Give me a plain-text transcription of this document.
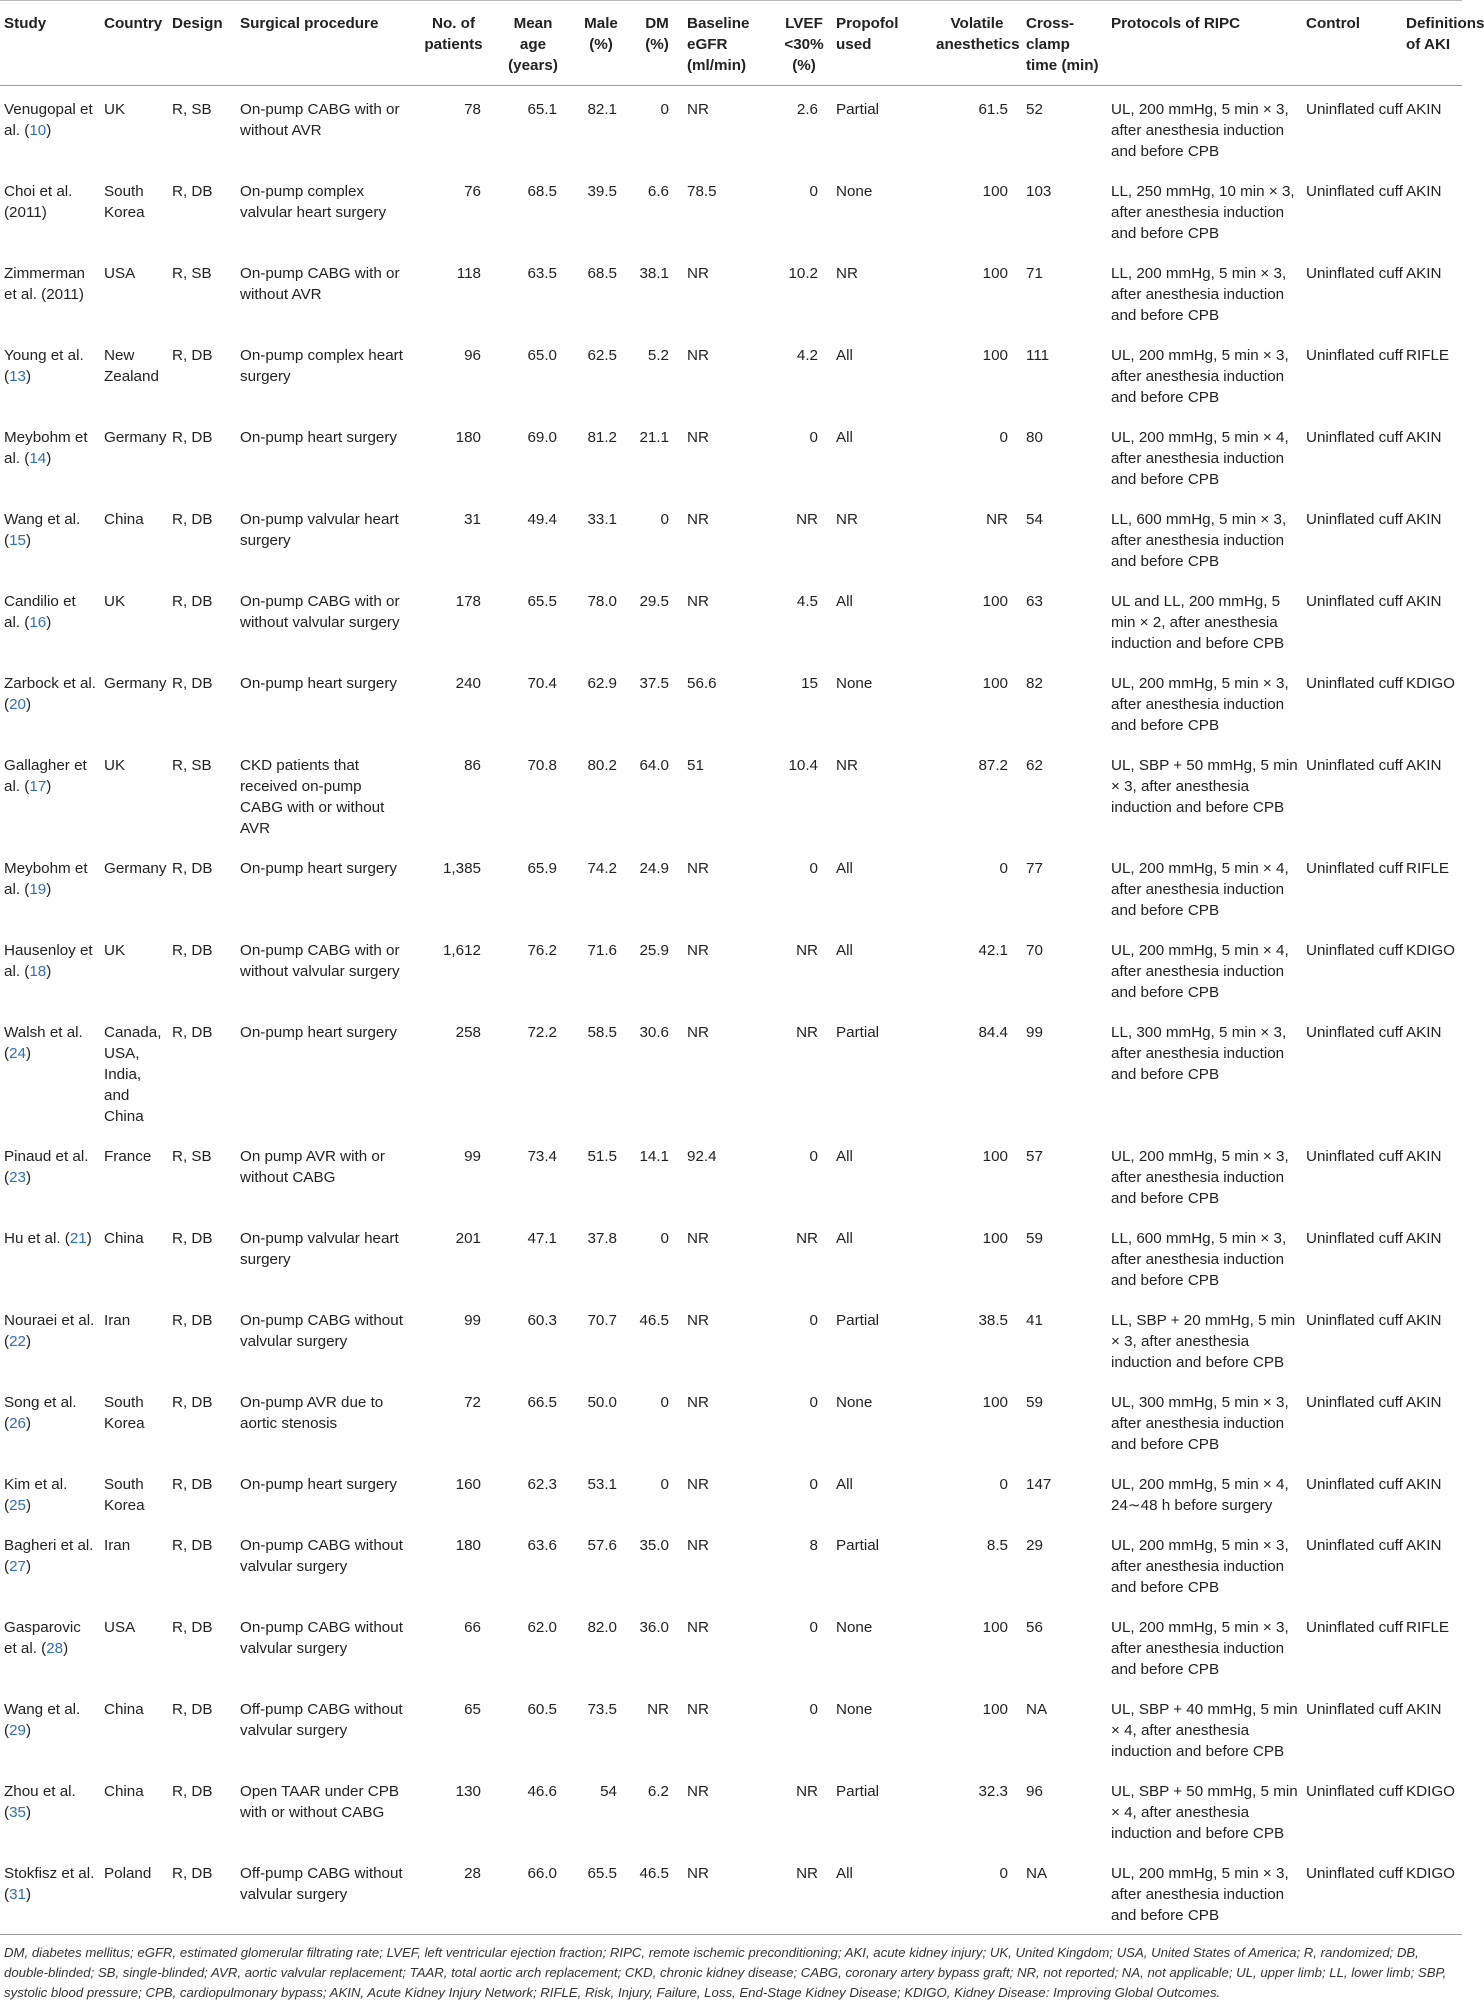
Study	Country	Design	Surgical procedure	No. of patients	Mean age (years)	Male (%)	DM (%)	Baseline eGFR (ml/min)	LVEF <30% (%)	Propofol used	Volatile anesthetics	Cross-clamp time (min)	Protocols of RIPC	Control	Definitions of AKI
Venugopal et al. (10)	UK	R, SB	On-pump CABG with or without AVR	78	65.1	82.1	0	NR	2.6	Partial	61.5	52	UL, 200 mmHg, 5 min × 3, after anesthesia induction and before CPB	Uninflated cuff	AKIN
Choi et al. (2011)	South Korea	R, DB	On-pump complex valvular heart surgery	76	68.5	39.5	6.6	78.5	0	None	100	103	LL, 250 mmHg, 10 min × 3, after anesthesia induction and before CPB	Uninflated cuff	AKIN
Zimmerman et al. (2011)	USA	R, SB	On-pump CABG with or without AVR	118	63.5	68.5	38.1	NR	10.2	NR	100	71	LL, 200 mmHg, 5 min × 3, after anesthesia induction and before CPB	Uninflated cuff	AKIN
Young et al. (13)	New Zealand	R, DB	On-pump complex heart surgery	96	65.0	62.5	5.2	NR	4.2	All	100	111	UL, 200 mmHg, 5 min × 3, after anesthesia induction and before CPB	Uninflated cuff	RIFLE
Meybohm et al. (14)	Germany	R, DB	On-pump heart surgery	180	69.0	81.2	21.1	NR	0	All	0	80	UL, 200 mmHg, 5 min × 4, after anesthesia induction and before CPB	Uninflated cuff	AKIN
Wang et al. (15)	China	R, DB	On-pump valvular heart surgery	31	49.4	33.1	0	NR	NR	NR	NR	54	LL, 600 mmHg, 5 min × 3, after anesthesia induction and before CPB	Uninflated cuff	AKIN
Candilio et al. (16)	UK	R, DB	On-pump CABG with or without valvular surgery	178	65.5	78.0	29.5	NR	4.5	All	100	63	UL and LL, 200 mmHg, 5 min × 2, after anesthesia induction and before CPB	Uninflated cuff	AKIN
Zarbock et al. (20)	Germany	R, DB	On-pump heart surgery	240	70.4	62.9	37.5	56.6	15	None	100	82	UL, 200 mmHg, 5 min × 3, after anesthesia induction and before CPB	Uninflated cuff	KDIGO
Gallagher et al. (17)	UK	R, SB	CKD patients that received on-pump CABG with or without AVR	86	70.8	80.2	64.0	51	10.4	NR	87.2	62	UL, SBP + 50 mmHg, 5 min × 3, after anesthesia induction and before CPB	Uninflated cuff	AKIN
Meybohm et al. (19)	Germany	R, DB	On-pump heart surgery	1,385	65.9	74.2	24.9	NR	0	All	0	77	UL, 200 mmHg, 5 min × 4, after anesthesia induction and before CPB	Uninflated cuff	RIFLE
Hausenloy et al. (18)	UK	R, DB	On-pump CABG with or without valvular surgery	1,612	76.2	71.6	25.9	NR	NR	All	42.1	70	UL, 200 mmHg, 5 min × 4, after anesthesia induction and before CPB	Uninflated cuff	KDIGO
Walsh et al. (24)	Canada, USA, India, and China	R, DB	On-pump heart surgery	258	72.2	58.5	30.6	NR	NR	Partial	84.4	99	LL, 300 mmHg, 5 min × 3, after anesthesia induction and before CPB	Uninflated cuff	AKIN
Pinaud et al. (23)	France	R, SB	On pump AVR with or without CABG	99	73.4	51.5	14.1	92.4	0	All	100	57	UL, 200 mmHg, 5 min × 3, after anesthesia induction and before CPB	Uninflated cuff	AKIN
Hu et al. (21)	China	R, DB	On-pump valvular heart surgery	201	47.1	37.8	0	NR	NR	All	100	59	LL, 600 mmHg, 5 min × 3, after anesthesia induction and before CPB	Uninflated cuff	AKIN
Nouraei et al. (22)	Iran	R, DB	On-pump CABG without valvular surgery	99	60.3	70.7	46.5	NR	0	Partial	38.5	41	LL, SBP + 20 mmHg, 5 min × 3, after anesthesia induction and before CPB	Uninflated cuff	AKIN
Song et al. (26)	South Korea	R, DB	On-pump AVR due to aortic stenosis	72	66.5	50.0	0	NR	0	None	100	59	UL, 300 mmHg, 5 min × 3, after anesthesia induction and before CPB	Uninflated cuff	AKIN
Kim et al. (25)	South Korea	R, DB	On-pump heart surgery	160	62.3	53.1	0	NR	0	All	0	147	UL, 200 mmHg, 5 min × 4, 24∼48 h before surgery	Uninflated cuff	AKIN
Bagheri et al. (27)	Iran	R, DB	On-pump CABG without valvular surgery	180	63.6	57.6	35.0	NR	8	Partial	8.5	29	UL, 200 mmHg, 5 min × 3, after anesthesia induction and before CPB	Uninflated cuff	AKIN
Gasparovic et al. (28)	USA	R, DB	On-pump CABG without valvular surgery	66	62.0	82.0	36.0	NR	0	None	100	56	UL, 200 mmHg, 5 min × 3, after anesthesia induction and before CPB	Uninflated cuff	RIFLE
Wang et al. (29)	China	R, DB	Off-pump CABG without valvular surgery	65	60.5	73.5	NR	NR	0	None	100	NA	UL, SBP + 40 mmHg, 5 min × 4, after anesthesia induction and before CPB	Uninflated cuff	AKIN
Zhou et al. (35)	China	R, DB	Open TAAR under CPB with or without CABG	130	46.6	54	6.2	NR	NR	Partial	32.3	96	UL, SBP + 50 mmHg, 5 min × 4, after anesthesia induction and before CPB	Uninflated cuff	KDIGO
Stokfisz et al. (31)	Poland	R, DB	Off-pump CABG without valvular surgery	28	66.0	65.5	46.5	NR	NR	All	0	NA	UL, 200 mmHg, 5 min × 3, after anesthesia induction and before CPB	Uninflated cuff	KDIGO
DM, diabetes mellitus; eGFR, estimated glomerular filtrating rate; LVEF, left ventricular ejection fraction; RIPC, remote ischemic preconditioning; AKI, acute kidney injury; UK, United Kingdom; USA, United States of America; R, randomized; DB, double-blinded; SB, single-blinded; AVR, aortic valvular replacement; TAAR, total aortic arch replacement; CKD, chronic kidney disease; CABG, coronary artery bypass graft; NR, not reported; NA, not applicable; UL, upper limb; LL, lower limb; SBP, systolic blood pressure; CPB, cardiopulmonary bypass; AKIN, Acute Kidney Injury Network; RIFLE, Risk, Injury, Failure, Loss, End-Stage Kidney Disease; KDIGO, Kidney Disease: Improving Global Outcomes.
